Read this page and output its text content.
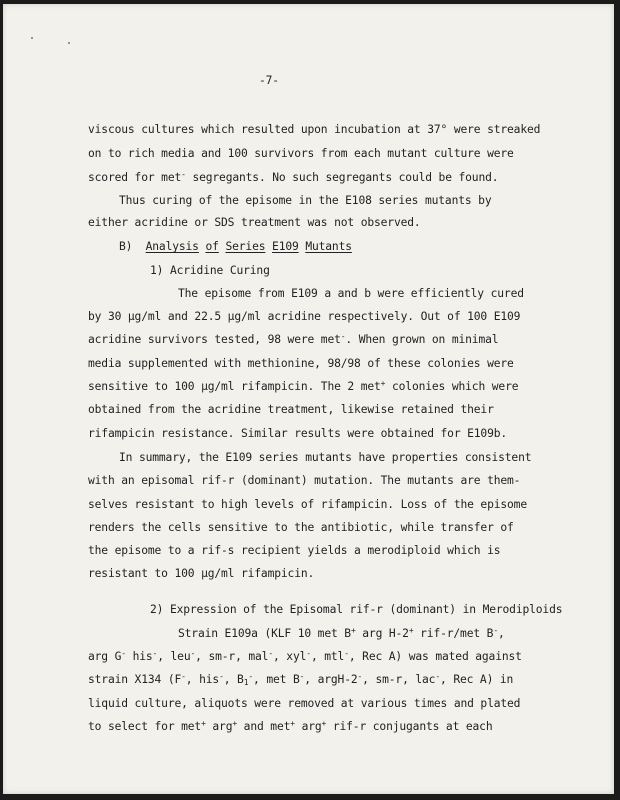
-7-
viscous cultures which resulted upon incubation at 37° were streaked
on to rich media and 100 survivors from each mutant culture were
scored for met- segregants. No such segregants could be found.
Thus curing of the episome in the E108 series mutants by
either acridine or SDS treatment was not observed.
B) Analysis of Series E109 Mutants
1) Acridine Curing
The episome from E109 a and b were efficiently cured
by 30 µg/ml and 22.5 µg/ml acridine respectively. Out of 100 E109
acridine survivors tested, 98 were met-. When grown on minimal
media supplemented with methionine, 98/98 of these colonies were
sensitive to 100 µg/ml rifampicin. The 2 met+ colonies which were
obtained from the acridine treatment, likewise retained their
rifampicin resistance. Similar results were obtained for E109b.
In summary, the E109 series mutants have properties consistent
with an episomal rif-r (dominant) mutation. The mutants are them-
selves resistant to high levels of rifampicin. Loss of the episome
renders the cells sensitive to the antibiotic, while transfer of
the episome to a rif-s recipient yields a merodiploid which is
resistant to 100 µg/ml rifampicin.
2) Expression of the Episomal rif-r (dominant) in Merodiploids
Strain E109a (KLF 10 met B+ arg H-2+ rif-r/met B-,
arg G- his-, leu-, sm-r, mal-, xyl-, mtl-, Rec A) was mated against
strain X134 (F-, his-, $B_1^-$, met B-, argH-2-, sm-r, lac-, Rec A) in
liquid culture, aliquots were removed at various times and plated
to select for met+ arg+ and met+ arg+ rif-r conjugants at each
